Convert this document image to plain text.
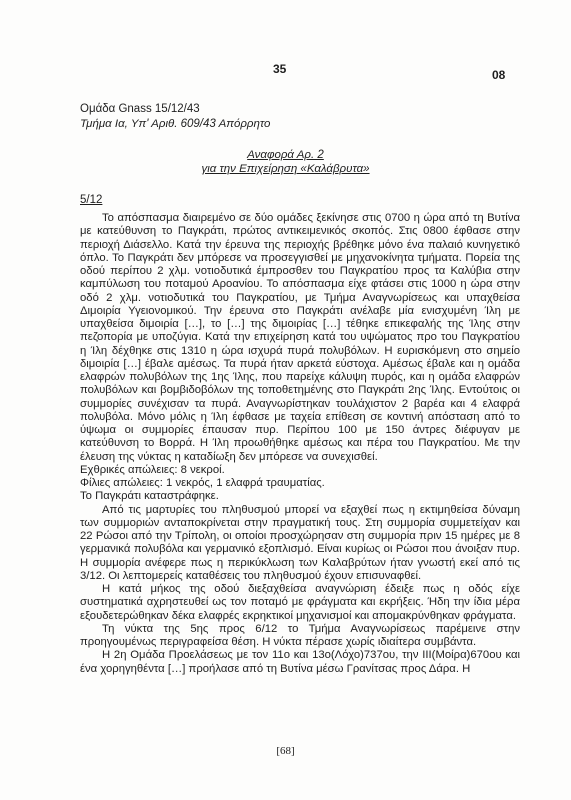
35	08
Ομάδα Gnass 15/12/43
Τμήμα Ια, Υπ' Αριθ. 609/43 Απόρρητο
Αναφορά Αρ. 2
για την Επιχείρηση «Καλάβρυτα»
5/12

Το απόσπασμα διαιρεμένο σε δύο ομάδες ξεκίνησε στις 0700 η ώρα από τη Βυτίνα με κατεύθυνση το Παγκράτι, πρώτος αντικειμενικός σκοπός. Στις 0800 έφθασε στην περιοχή Διάσελλο. Κατά την έρευνα της περιοχής βρέθηκε μόνο ένα παλαιό κυνηγετικό όπλο. Το Παγκράτι δεν μπόρεσε να προσεγγισθεί με μηχανοκίνητα τμήματα. Πορεία της οδού περίπου 2 χλμ. νοτιοδυτικά έμπροσθεν του Παγκρατίου προς τα Καλύβια στην καμπύλωση του ποταμού Αροανίου. Το απόσπασμα είχε φτάσει στις 1000 η ώρα στην οδό 2 χλμ. νοτιοδυτικά του Παγκρατίου, με Τμήμα Αναγνωρίσεως και υπαχθείσα Διμοιρία Υγειονομικού. Την έρευνα στο Παγκράτι ανέλαβε μία ενισχυμένη Ίλη με υπαχθείσα διμοιρία […], το […] της διμοιρίας […] τέθηκε επικεφαλής της Ίλης στην πεζοπορία με υποζύγια. Κατά την επιχείρηση κατά του υψώματος προ του Παγκρατίου η Ίλη δέχθηκε στις 1310 η ώρα ισχυρά πυρά πολυβόλων. Η ευρισκόμενη στο σημείο διμοιρία […] έβαλε αμέσως. Τα πυρά ήταν αρκετά εύστοχα. Αμέσως έβαλε και η ομάδα ελαφρών πολυβόλων της 1ης Ίλης, που παρείχε κάλυψη πυρός, και η ομάδα ελαφρών πολυβόλων και βομβιδοβόλων της τοποθετημένης στο Παγκράτι 2ης Ίλης. Εντούτοις οι συμμορίες συνέχισαν τα πυρά. Αναγνωρίστηκαν τουλάχιστον 2 βαρέα και 4 ελαφρά πολυβόλα. Μόνο μόλις η Ίλη έφθασε με ταχεία επίθεση σε κοντινή απόσταση από το ύψωμα οι συμμορίες έπαυσαν πυρ. Περίπου 100 με 150 άντρες διέφυγαν με κατεύθυνση το Βορρά. Η Ίλη προωθήθηκε αμέσως και πέρα του Παγκρατίου. Με την έλευση της νύκτας η καταδίωξη δεν μπόρεσε να συνεχισθεί.

Εχθρικές απώλειες: 8 νεκροί.

Φίλιες απώλειες: 1 νεκρός, 1 ελαφρά τραυματίας.

Το Παγκράτι καταστράφηκε.

Από τις μαρτυρίες του πληθυσμού μπορεί να εξαχθεί πως η εκτιμηθείσα δύναμη των συμμοριών ανταποκρίνεται στην πραγματική τους. Στη συμμορία συμμετείχαν και 22 Ρώσοι από την Τρίπολη, οι οποίοι προσχώρησαν στη συμμορία πριν 15 ημέρες με 8 γερμανικά πολυβόλα και γερμανικό εξοπλισμό. Είναι κυρίως οι Ρώσοι που άνοιξαν πυρ. Η συμμορία ανέφερε πως η περικύκλωση των Καλαβρύτων ήταν γνωστή εκεί από τις 3/12. Οι λεπτομερείς καταθέσεις του πληθυσμού έχουν επισυναφθεί.

Η κατά μήκος της οδού διεξαχθείσα αναγνώριση έδειξε πως η οδός είχε συστηματικά αχρηστευθεί ως τον ποταμό με φράγματα και εκρήξεις. Ήδη την ίδια μέρα εξουδετερώθηκαν δέκα ελαφρές εκρηκτικοί μηχανισμοί και απομακρύνθηκαν φράγματα.

Τη νύκτα της 5ης προς 6/12 το Τμήμα Αναγνωρίσεως παρέμεινε στην προηγουμένως περιγραφείσα θέση. Η νύκτα πέρασε χωρίς ιδιαίτερα συμβάντα.

Η 2η Ομάδα Προελάσεως με τον 11ο και 13ο(Λόχο)737ου, την ΙΙΙ(Μοίρα)670ου και ένα χορηγηθέντα […] προήλασε από τη Βυτίνα μέσω Γρανίτσας προς Δάρα. Η

[68]
